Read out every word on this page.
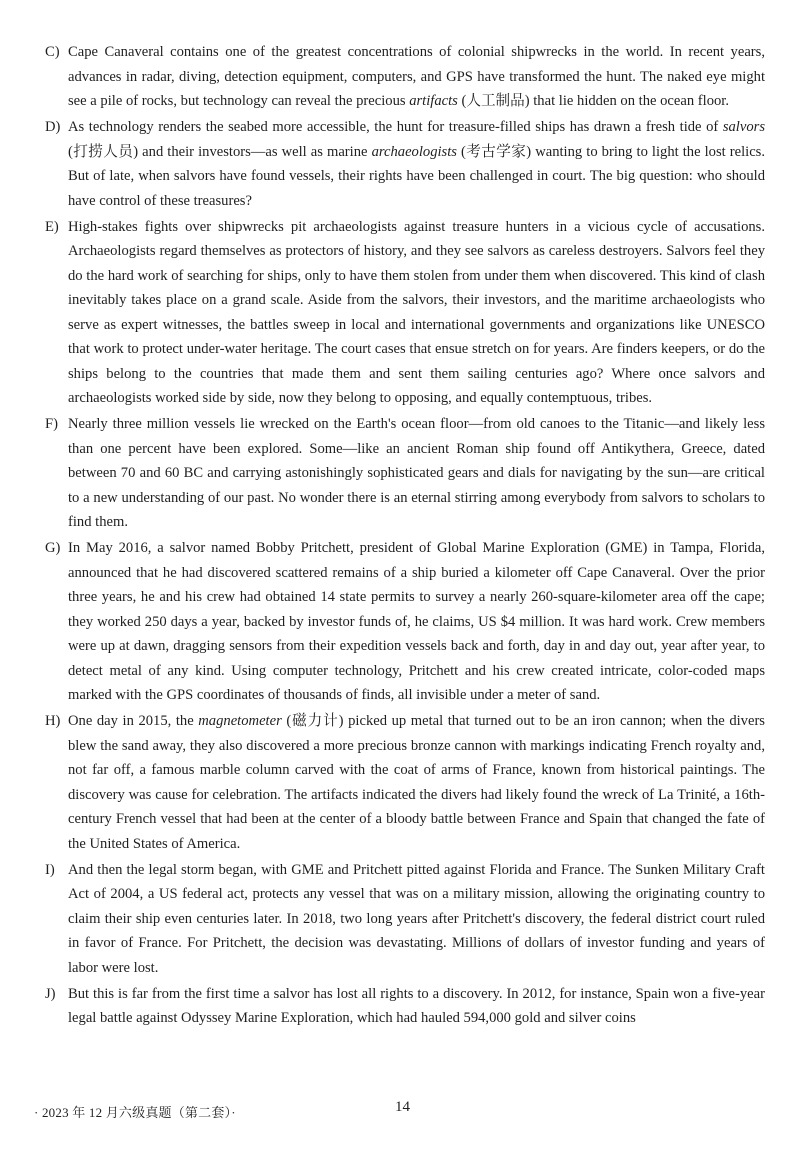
C) Cape Canaveral contains one of the greatest concentrations of colonial shipwrecks in the world. In recent years, advances in radar, diving, detection equipment, computers, and GPS have transformed the hunt. The naked eye might see a pile of rocks, but technology can reveal the precious artifacts (人工制品) that lie hidden on the ocean floor.
D) As technology renders the seabed more accessible, the hunt for treasure-filled ships has drawn a fresh tide of salvors (打捞人员) and their investors—as well as marine archaeologists (考古学家) wanting to bring to light the lost relics. But of late, when salvors have found vessels, their rights have been challenged in court. The big question: who should have control of these treasures?
E) High-stakes fights over shipwrecks pit archaeologists against treasure hunters in a vicious cycle of accusations. Archaeologists regard themselves as protectors of history, and they see salvors as careless destroyers. Salvors feel they do the hard work of searching for ships, only to have them stolen from under them when discovered. This kind of clash inevitably takes place on a grand scale. Aside from the salvors, their investors, and the maritime archaeologists who serve as expert witnesses, the battles sweep in local and international governments and organizations like UNESCO that work to protect under-water heritage. The court cases that ensue stretch on for years. Are finders keepers, or do the ships belong to the countries that made them and sent them sailing centuries ago? Where once salvors and archaeologists worked side by side, now they belong to opposing, and equally contemptuous, tribes.
F) Nearly three million vessels lie wrecked on the Earth's ocean floor—from old canoes to the Titanic—and likely less than one percent have been explored. Some—like an ancient Roman ship found off Antikythera, Greece, dated between 70 and 60 BC and carrying astonishingly sophisticated gears and dials for navigating by the sun—are critical to a new understanding of our past. No wonder there is an eternal stirring among everybody from salvors to scholars to find them.
G) In May 2016, a salvor named Bobby Pritchett, president of Global Marine Exploration (GME) in Tampa, Florida, announced that he had discovered scattered remains of a ship buried a kilometer off Cape Canaveral. Over the prior three years, he and his crew had obtained 14 state permits to survey a nearly 260-square-kilometer area off the cape; they worked 250 days a year, backed by investor funds of, he claims, US $4 million. It was hard work. Crew members were up at dawn, dragging sensors from their expedition vessels back and forth, day in and day out, year after year, to detect metal of any kind. Using computer technology, Pritchett and his crew created intricate, color-coded maps marked with the GPS coordinates of thousands of finds, all invisible under a meter of sand.
H) One day in 2015, the magnetometer (磁力计) picked up metal that turned out to be an iron cannon; when the divers blew the sand away, they also discovered a more precious bronze cannon with markings indicating French royalty and, not far off, a famous marble column carved with the coat of arms of France, known from historical paintings. The discovery was cause for celebration. The artifacts indicated the divers had likely found the wreck of La Trinité, a 16th-century French vessel that had been at the center of a bloody battle between France and Spain that changed the fate of the United States of America.
I) And then the legal storm began, with GME and Pritchett pitted against Florida and France. The Sunken Military Craft Act of 2004, a US federal act, protects any vessel that was on a military mission, allowing the originating country to claim their ship even centuries later. In 2018, two long years after Pritchett's discovery, the federal district court ruled in favor of France. For Pritchett, the decision was devastating. Millions of dollars of investor funding and years of labor were lost.
J) But this is far from the first time a salvor has lost all rights to a discovery. In 2012, for instance, Spain won a five-year legal battle against Odyssey Marine Exploration, which had hauled 594,000 gold and silver coins
· 2023 年 12 月六级真题（第二套）·	14
